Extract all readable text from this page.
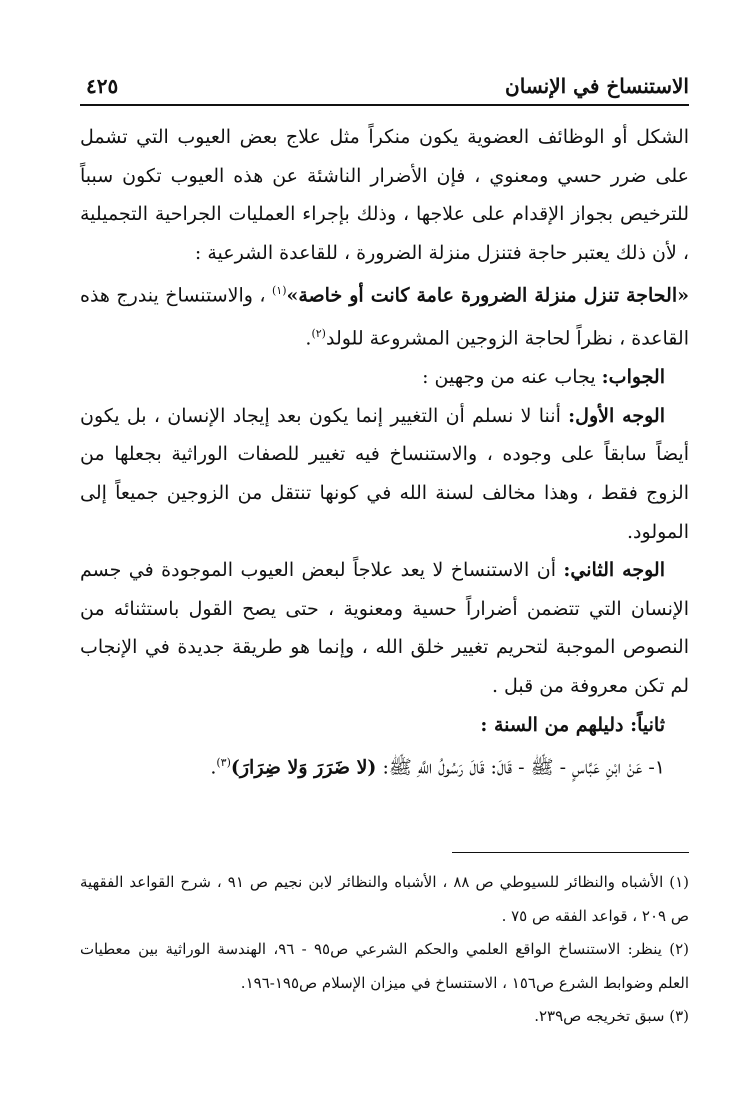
الاستنساخ في الإنسان
٤٢٥

الشكل أو الوظائف العضوية يكون منكراً مثل علاج بعض العيوب التي تشمل على ضرر حسي ومعنوي ، فإن الأضرار الناشئة عن هذه العيوب تكون سبباً للترخيص بجواز الإقدام على علاجها ، وذلك بإجراء العمليات الجراحية التجميلية ، لأن ذلك يعتبر حاجة فتنزل منزلة الضرورة ، للقاعدة الشرعية :

«الحاجة تنزل منزلة الضرورة عامة كانت أو خاصة»$^{(١)}$ ، والاستنساخ يندرج هذه القاعدة ، نظراً لحاجة الزوجين المشروعة للولد$^{(٢)}$.

الجواب: يجاب عنه من وجهين :

الوجه الأول: أننا لا نسلم أن التغيير إنما يكون بعد إيجاد الإنسان ، بل يكون أيضاً سابقاً على وجوده ، والاستنساخ فيه تغيير للصفات الوراثية بجعلها من الزوج فقط ، وهذا مخالف لسنة الله في كونها تنتقل من الزوجين جميعاً إلى المولود.

الوجه الثاني: أن الاستنساخ لا يعد علاجاً لبعض العيوب الموجودة في جسم الإنسان التي تتضمن أضراراً حسية ومعنوية ، حتى يصح القول باستثنائه من النصوص الموجبة لتحريم تغيير خلق الله ، وإنما هو طريقة جديدة في الإنجاب لم تكن معروفة من قبل .

ثانياً: دليلهم من السنة :

١- عَنْ ابْنِ عَبَّاسٍ - ﷺ - قَالَ: قَالَ رَسُولُ اللَّهِ ﷺ: (لا ضَرَرَ وَلا ضِرَارَ)$^{(٣)}$.

(١) الأشباه والنظائر للسيوطي ص ٨٨ ، الأشباه والنظائر لابن نجيم ص ٩١ ، شرح القواعد الفقهية ص ٢٠٩ ، قواعد الفقه ص ٧٥ .

(٢) ينظر: الاستنساخ الواقع العلمي والحكم الشرعي ص٩٥ - ٩٦، الهندسة الوراثية بين معطيات العلم وضوابط الشرع ص١٥٦ ، الاستنساخ في ميزان الإسلام ص١٩٥-١٩٦.

(٣) سبق تخريجه ص٢٣٩.
